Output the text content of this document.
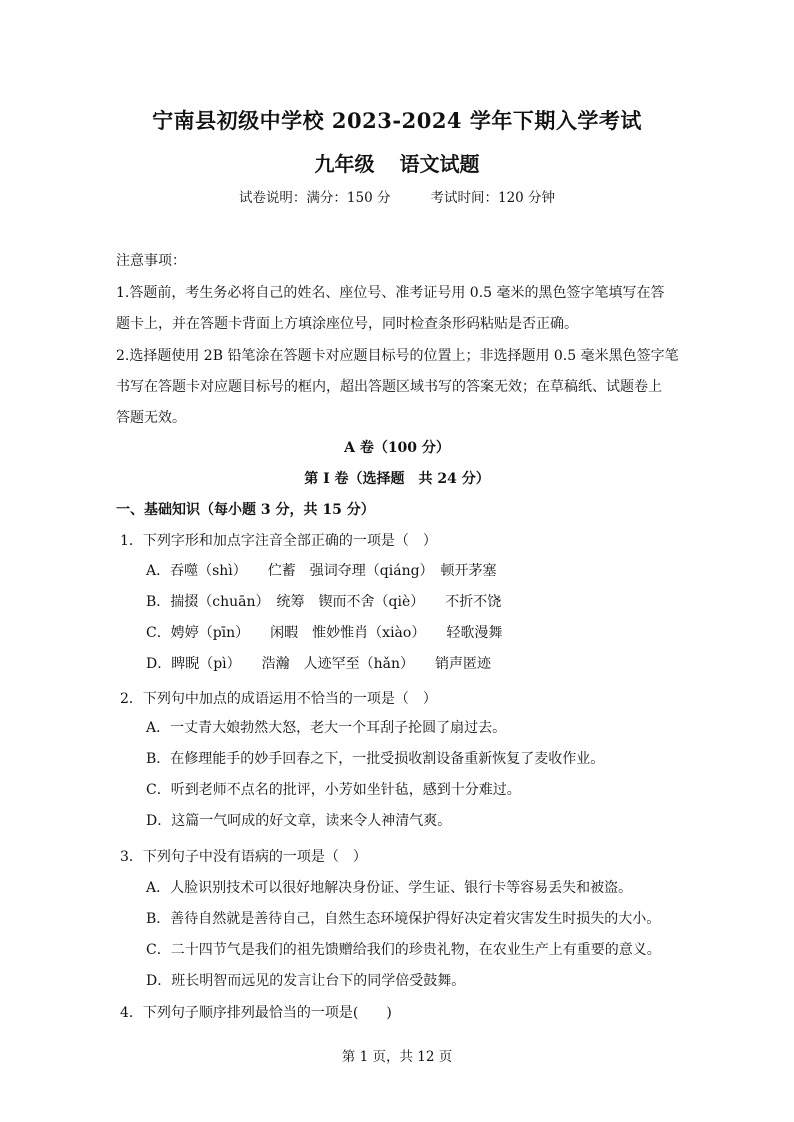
宁南县初级中学校 2023-2024 学年下期入学考试
九年级 语文试题
试卷说明：满分：150 分	考试时间：120 分钟
注意事项：
1.答题前，考生务必将自己的姓名、座位号、准考证号用 0.5 毫米的黑色签字笔填写在答
题卡上，并在答题卡背面上方填涂座位号，同时检查条形码粘贴是否正确。
2.选择题使用 2B 铅笔涂在答题卡对应题目标号的位置上；非选择题用 0.5 毫米黑色签字笔
书写在答题卡对应题目标号的框内，超出答题区域书写的答案无效；在草稿纸、试题卷上
答题无效。
A 卷（100 分）
第 I 卷（选择题　共 24 分）
一、基础知识（每小题 3 分，共 15 分）
1．下列字形和加点字注音全部正确的一项是（　）
A．吞噬（shì）　　伫蓄　强词夺理（qiáng）　顿开茅塞
B．揣掇（chuān）　统筹　锲而不舍（qiè）　　不折不饶
C．娉婷（pīn）　　闲暇　惟妙惟肖（xiào）　　轻歌漫舞
D．睥睨（pì）　　浩瀚　人迹罕至（hǎn）　　销声匿迹
2．下列句中加点的成语运用不恰当的一项是（　）
A．一丈青大娘勃然大怒，老大一个耳刮子抡圆了扇过去。
B．在修理能手的妙手回春之下，一批受损收割设备重新恢复了麦收作业。
C．听到老师不点名的批评，小芳如坐针毡，感到十分难过。
D．这篇一气呵成的好文章，读来令人神清气爽。
3．下列句子中没有语病的一项是（　）
A．人脸识别技术可以很好地解决身份证、学生证、银行卡等容易丢失和被盗。
B．善待自然就是善待自己，自然生态环境保护得好决定着灾害发生时损失的大小。
C．二十四节气是我们的祖先馈赠给我们的珍贵礼物，在农业生产上有重要的意义。
D．班长明智而远见的发言让台下的同学倍受鼓舞。
4．下列句子顺序排列最恰当的一项是(　　)
第 1 页，共 12 页
